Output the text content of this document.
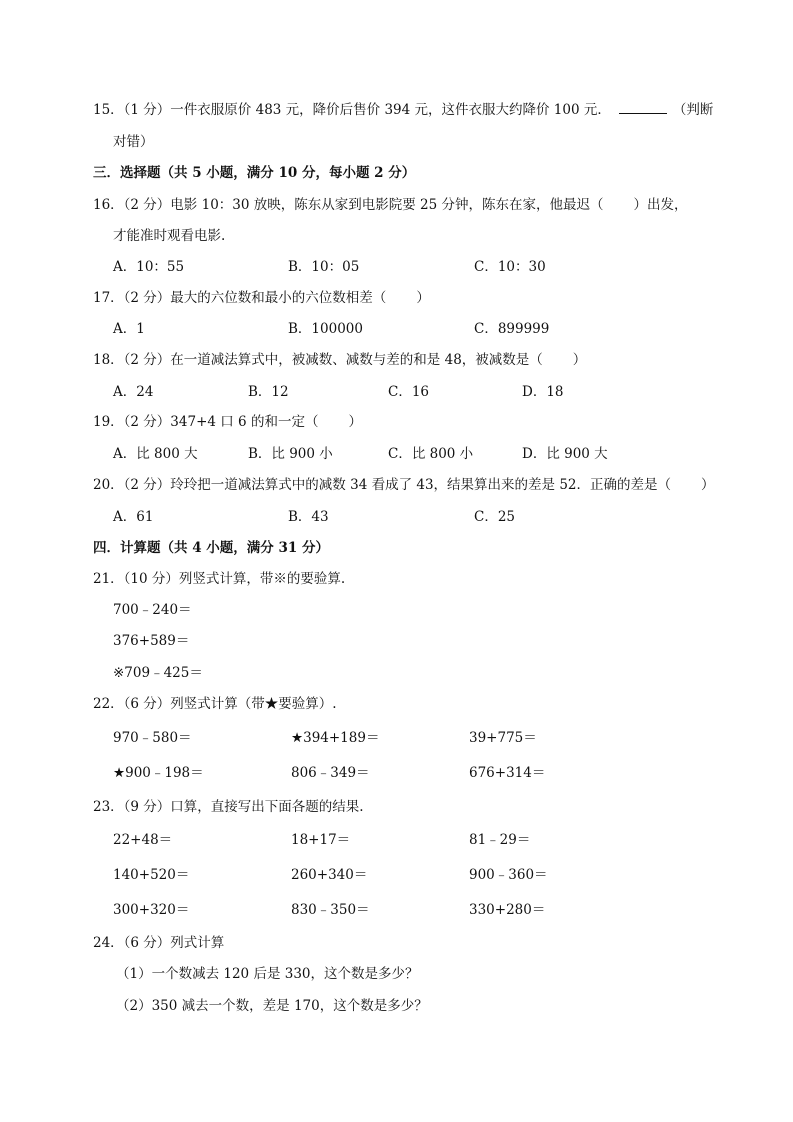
15．（1 分）一件衣服原价 483 元，降价后售价 394 元，这件衣服大约降价 100 元．	（判断
对错）
三．选择题（共 5 小题，满分 10 分，每小题 2 分）
16．（2 分）电影 10：30 放映，陈东从家到电影院要 25 分钟，陈东在家，他最迟（ ）出发，
才能准时观看电影.
A．10：55	B．10：05	C．10：30
17．（2 分）最大的六位数和最小的六位数相差（ ）
A．1	B．100000	C．899999
18．（2 分）在一道减法算式中，被减数、减数与差的和是 48，被减数是（ ）
A．24	B．12	C．16	D．18
19．（2 分）347+4 口 6 的和一定（ ）
A．比 800 大	B．比 900 小	C．比 800 小	D．比 900 大
20．（2 分）玲玲把一道减法算式中的减数 34 看成了 43，结果算出来的差是 52．正确的差是（ ）
A．61	B．43	C．25
四．计算题（共 4 小题，满分 31 分）
21．（10 分）列竖式计算，带※的要验算.
700﹣240＝
376+589＝
※709﹣425＝
22．（6 分）列竖式计算（带★要验算）.
970﹣580＝	★394+189＝	39+775＝
★900﹣198＝	806﹣349＝	676+314＝
23．（9 分）口算，直接写出下面各题的结果.
22+48＝	18+17＝	81﹣29＝
140+520＝	260+340＝	900﹣360＝
300+320＝	830﹣350＝	330+280＝
24．（6 分）列式计算
（1）一个数减去 120 后是 330，这个数是多少？
（2）350 减去一个数，差是 170，这个数是多少？
